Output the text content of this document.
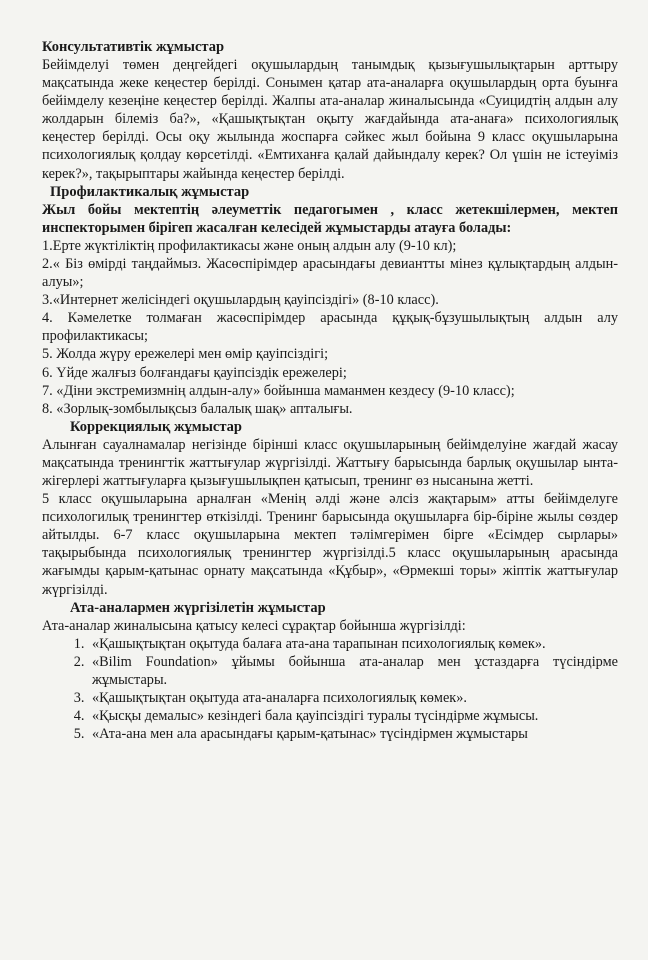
Консультативтік жұмыстар

Бейімделуі төмен деңгейдегі оқушылардың танымдық қызығушылықтарын арттыру мақсатында жеке кеңестер берілді. Сонымен қатар ата-аналарға оқушылардың орта буынға бейімделу кезеңіне кеңестер берілді. Жалпы ата-аналар жиналысында «Суицидтің алдын алу жолдарын білеміз ба?», «Қашықтықтан оқыту жағдайында ата-анаға» психологиялық кеңестер берілді. Осы оқу жылында жоспарға сәйкес жыл бойына 9 класс оқушыларына психологиялық қолдау көрсетілді. «Емтиханға қалай дайындалу керек? Ол үшін не істеуіміз керек?», тақырыптары жайында кеңестер берілді.

Профилактикалық жұмыстар

Жыл бойы мектептің әлеуметтік педагогымен , класс жетекшілермен, мектеп инспекторымен бірігеп жасалған келесідей жұмыстарды атауға болады:

1.Ерте жүктіліктің профилактикасы және оның алдын алу (9-10 кл);
2.« Біз өмірді таңдаймыз. Жасөспірімдер арасындағы девиантты мінез құлықтардың алдын-алуы»;
3.«Интернет желісіндегі оқушылардың қауіпсіздігі» (8-10 класс).
4. Кәмелетке толмаған жасөспірімдер арасында құқық-бұзушылықтың алдын алу профилактикасы;
5. Жолда жүру ережелері мен өмір қауіпсіздігі;
6. Үйде жалғыз болғандағы қауіпсіздік ережелері;
7. «Діни экстремизмнің алдын-алу» бойынша маманмен кездесу (9-10 класс);
8. «Зорлық-зомбылықсыз балалық шақ» апталығы.
Коррекциялық жұмыстар

Алынған сауалнамалар негізінде бірінші класс оқушыларының бейімделуіне жағдай жасау мақсатында тренингтік жаттығулар жүргізілді. Жаттығу барысында барлық оқушылар ынта-жігерлері жаттығуларға қызығушылықпен қатысып, тренинг өз нысанына жетті.

5 класс оқушыларына арналған «Менің әлді және әлсіз жақтарым» атты бейімделуге психологилық тренингтер өткізілді. Тренинг барысында оқушыларға бір-біріне жылы сөздер айтылды. 6-7 класс оқушыларына мектеп тәлімгерімен бірге «Есімдер сырлары» тақырыбында психологиялық тренингтер жүргізілді.5 класс оқушыларының арасында жағымды қарым-қатынас орнату мақсатында «Құбыр», «Өрмекші торы» жіптік жаттығулар жүргізілді.

Ата-аналармен жүргізілетін жұмыстар

Ата-аналар жиналысына қатысу келесі сұрақтар бойынша жүргізілді:

1. «Қашықтықтан оқытуда балаға ата-ана тарапынан психологиялық көмек».
2. «Bilim Foundation» ұйымы бойынша ата-аналар мен ұстаздарға түсіндірме жұмыстары.
3. «Қашықтықтан оқытуда ата-аналарға психологиялық көмек».
4. «Қысқы демалыс» кезіндегі бала қауіпсіздігі туралы түсіндірме жұмысы.
5. «Ата-ана мен ала арасындағы қарым-қатынас» түсіндірмен жұмыстары
